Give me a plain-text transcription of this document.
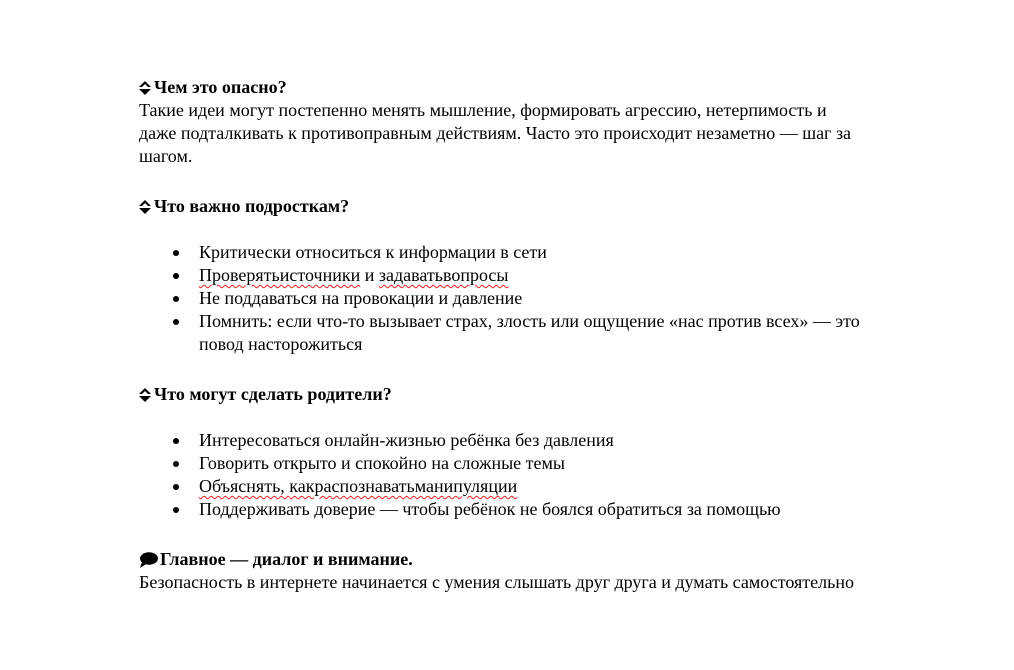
Чем это опасно?

Такие идеи могут постепенно менять мышление, формировать агрессию, нетерпимость и
даже подталкивать к противоправным действиям. Часто это происходит незаметно — шаг за
шагом.

Что важно подросткам?
Критически относиться к информации в сети
Проверятьисточники и задаватьвопросы
Не поддаваться на провокации и давление
Помнить: если что-то вызывает страх, злость или ощущение «нас против всех» — это
повод насторожиться
Что могут сделать родители?
Интересоваться онлайн-жизнью ребёнка без давления
Говорить открыто и спокойно на сложные темы
Объяснять, какраспознаватьманипуляции
Поддерживать доверие — чтобы ребёнок не боялся обратиться за помощью
Главное — диалог и внимание.

Безопасность в интернете начинается с умения слышать друг друга и думать самостоятельно
